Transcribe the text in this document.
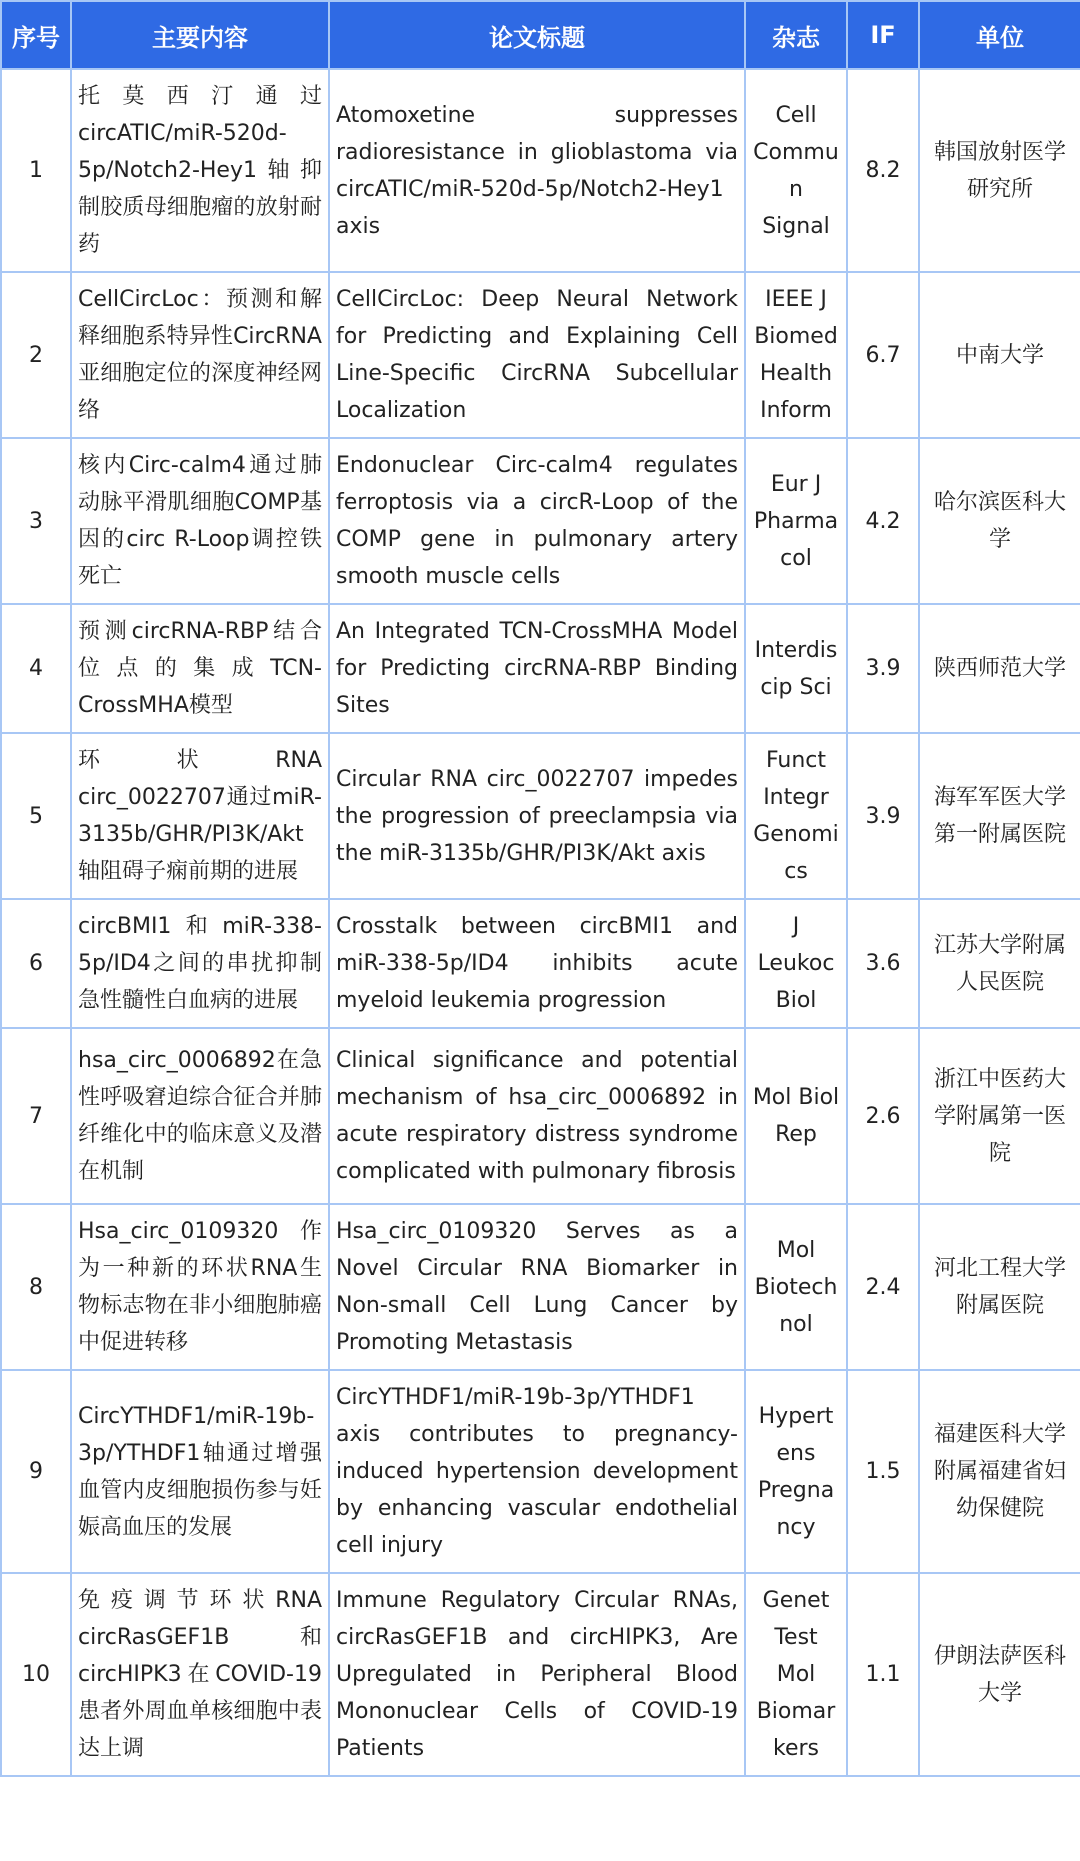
序号	主要内容	论文标题	杂志	IF	单位
1	托莫西汀通过circATIC/miR-520d-5p/Notch2-Hey1轴抑制胶质母细胞瘤的放射耐药	Atomoxetine suppresses radioresistance in glioblastoma via circATIC/miR-520d-5p/Notch2-Hey1 axis	Cell Commun Signal	8.2	韩国放射医学研究所
2	CellCircLoc：预测和解释细胞系特异性CircRNA亚细胞定位的深度神经网络	CellCircLoc: Deep Neural Network for Predicting and Explaining Cell Line-Specific CircRNA Subcellular Localization	IEEE J Biomed Health Inform	6.7	中南大学
3	核内Circ-calm4通过肺动脉平滑肌细胞COMP基因的circ R-Loop调控铁死亡	Endonuclear Circ-calm4 regulates ferroptosis via a circR-Loop of the COMP gene in pulmonary artery smooth muscle cells	Eur J Pharmacol	4.2	哈尔滨医科大学
4	预测circRNA-RBP结合位点的集成TCN-CrossMHA模型	An Integrated TCN-CrossMHA Model for Predicting circRNA-RBP Binding Sites	Interdiscip Sci	3.9	陕西师范大学
5	环状RNA circ_0022707通过miR-3135b/GHR/PI3K/Akt轴阻碍子痫前期的进展	Circular RNA circ_0022707 impedes the progression of preeclampsia via the miR-3135b/GHR/PI3K/Akt axis	Funct Integr Genomics	3.9	海军军医大学第一附属医院
6	circBMI1和miR-338-5p/ID4之间的串扰抑制急性髓性白血病的进展	Crosstalk between circBMI1 and miR-338-5p/ID4 inhibits acute myeloid leukemia progression	J Leukoc Biol	3.6	江苏大学附属人民医院
7	hsa_circ_0006892在急性呼吸窘迫综合征合并肺纤维化中的临床意义及潜在机制	Clinical significance and potential mechanism of hsa_circ_0006892 in acute respiratory distress syndrome complicated with pulmonary fibrosis	Mol Biol Rep	2.6	浙江中医药大学附属第一医院
8	Hsa_circ_0109320作为一种新的环状RNA生物标志物在非小细胞肺癌中促进转移	Hsa_circ_0109320 Serves as a Novel Circular RNA Biomarker in Non-small Cell Lung Cancer by Promoting Metastasis	Mol Biotechnol	2.4	河北工程大学附属医院
9	CircYTHDF1/miR-19b-3p/YTHDF1轴通过增强血管内皮细胞损伤参与妊娠高血压的发展	CircYTHDF1/miR-19b-3p/YTHDF1 axis contributes to pregnancy-induced hypertension development by enhancing vascular endothelial cell injury	Hypertens Pregnancy	1.5	福建医科大学附属福建省妇幼保健院
10	免疫调节环状RNA circRasGEF1B和circHIPK3在COVID-19患者外周血单核细胞中表达上调	Immune Regulatory Circular RNAs, circRasGEF1B and circHIPK3, Are Upregulated in Peripheral Blood Mononuclear Cells of COVID-19 Patients	Genet Test Mol Biomarkers	1.1	伊朗法萨医科大学
